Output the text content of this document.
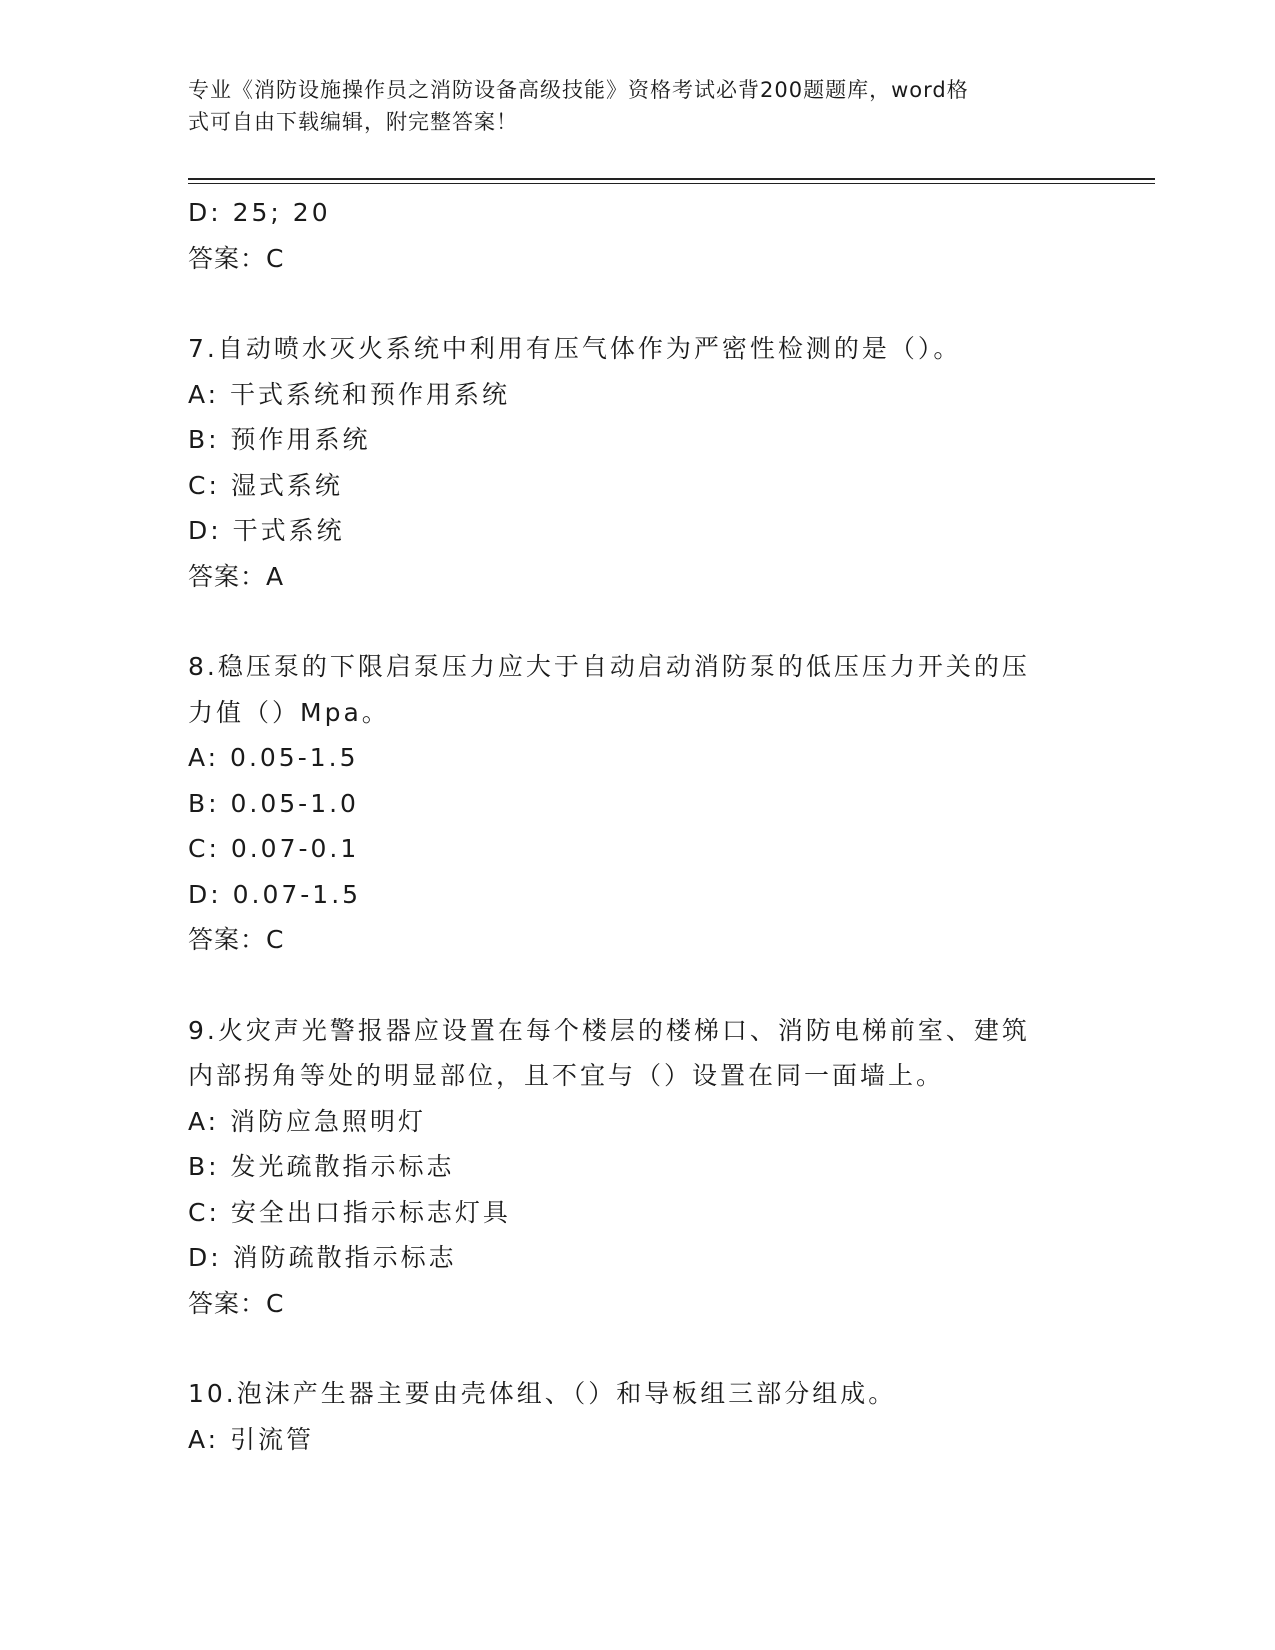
专业《消防设施操作员之消防设备高级技能》资格考试必背200题题库，word格
式可自由下载编辑，附完整答案！
D: 25; 20
答案：C
7.自动喷水灭火系统中利用有压气体作为严密性检测的是（）。
A: 干式系统和预作用系统
B: 预作用系统
C: 湿式系统
D: 干式系统
答案：A
8.稳压泵的下限启泵压力应大于自动启动消防泵的低压压力开关的压
力值（）Mpa。
A: 0.05-1.5
B: 0.05-1.0
C: 0.07-0.1
D: 0.07-1.5
答案：C
9.火灾声光警报器应设置在每个楼层的楼梯口、消防电梯前室、建筑
内部拐角等处的明显部位，且不宜与（）设置在同一面墙上。
A: 消防应急照明灯
B: 发光疏散指示标志
C: 安全出口指示标志灯具
D: 消防疏散指示标志
答案：C
10.泡沫产生器主要由壳体组、（）和导板组三部分组成。
A: 引流管
